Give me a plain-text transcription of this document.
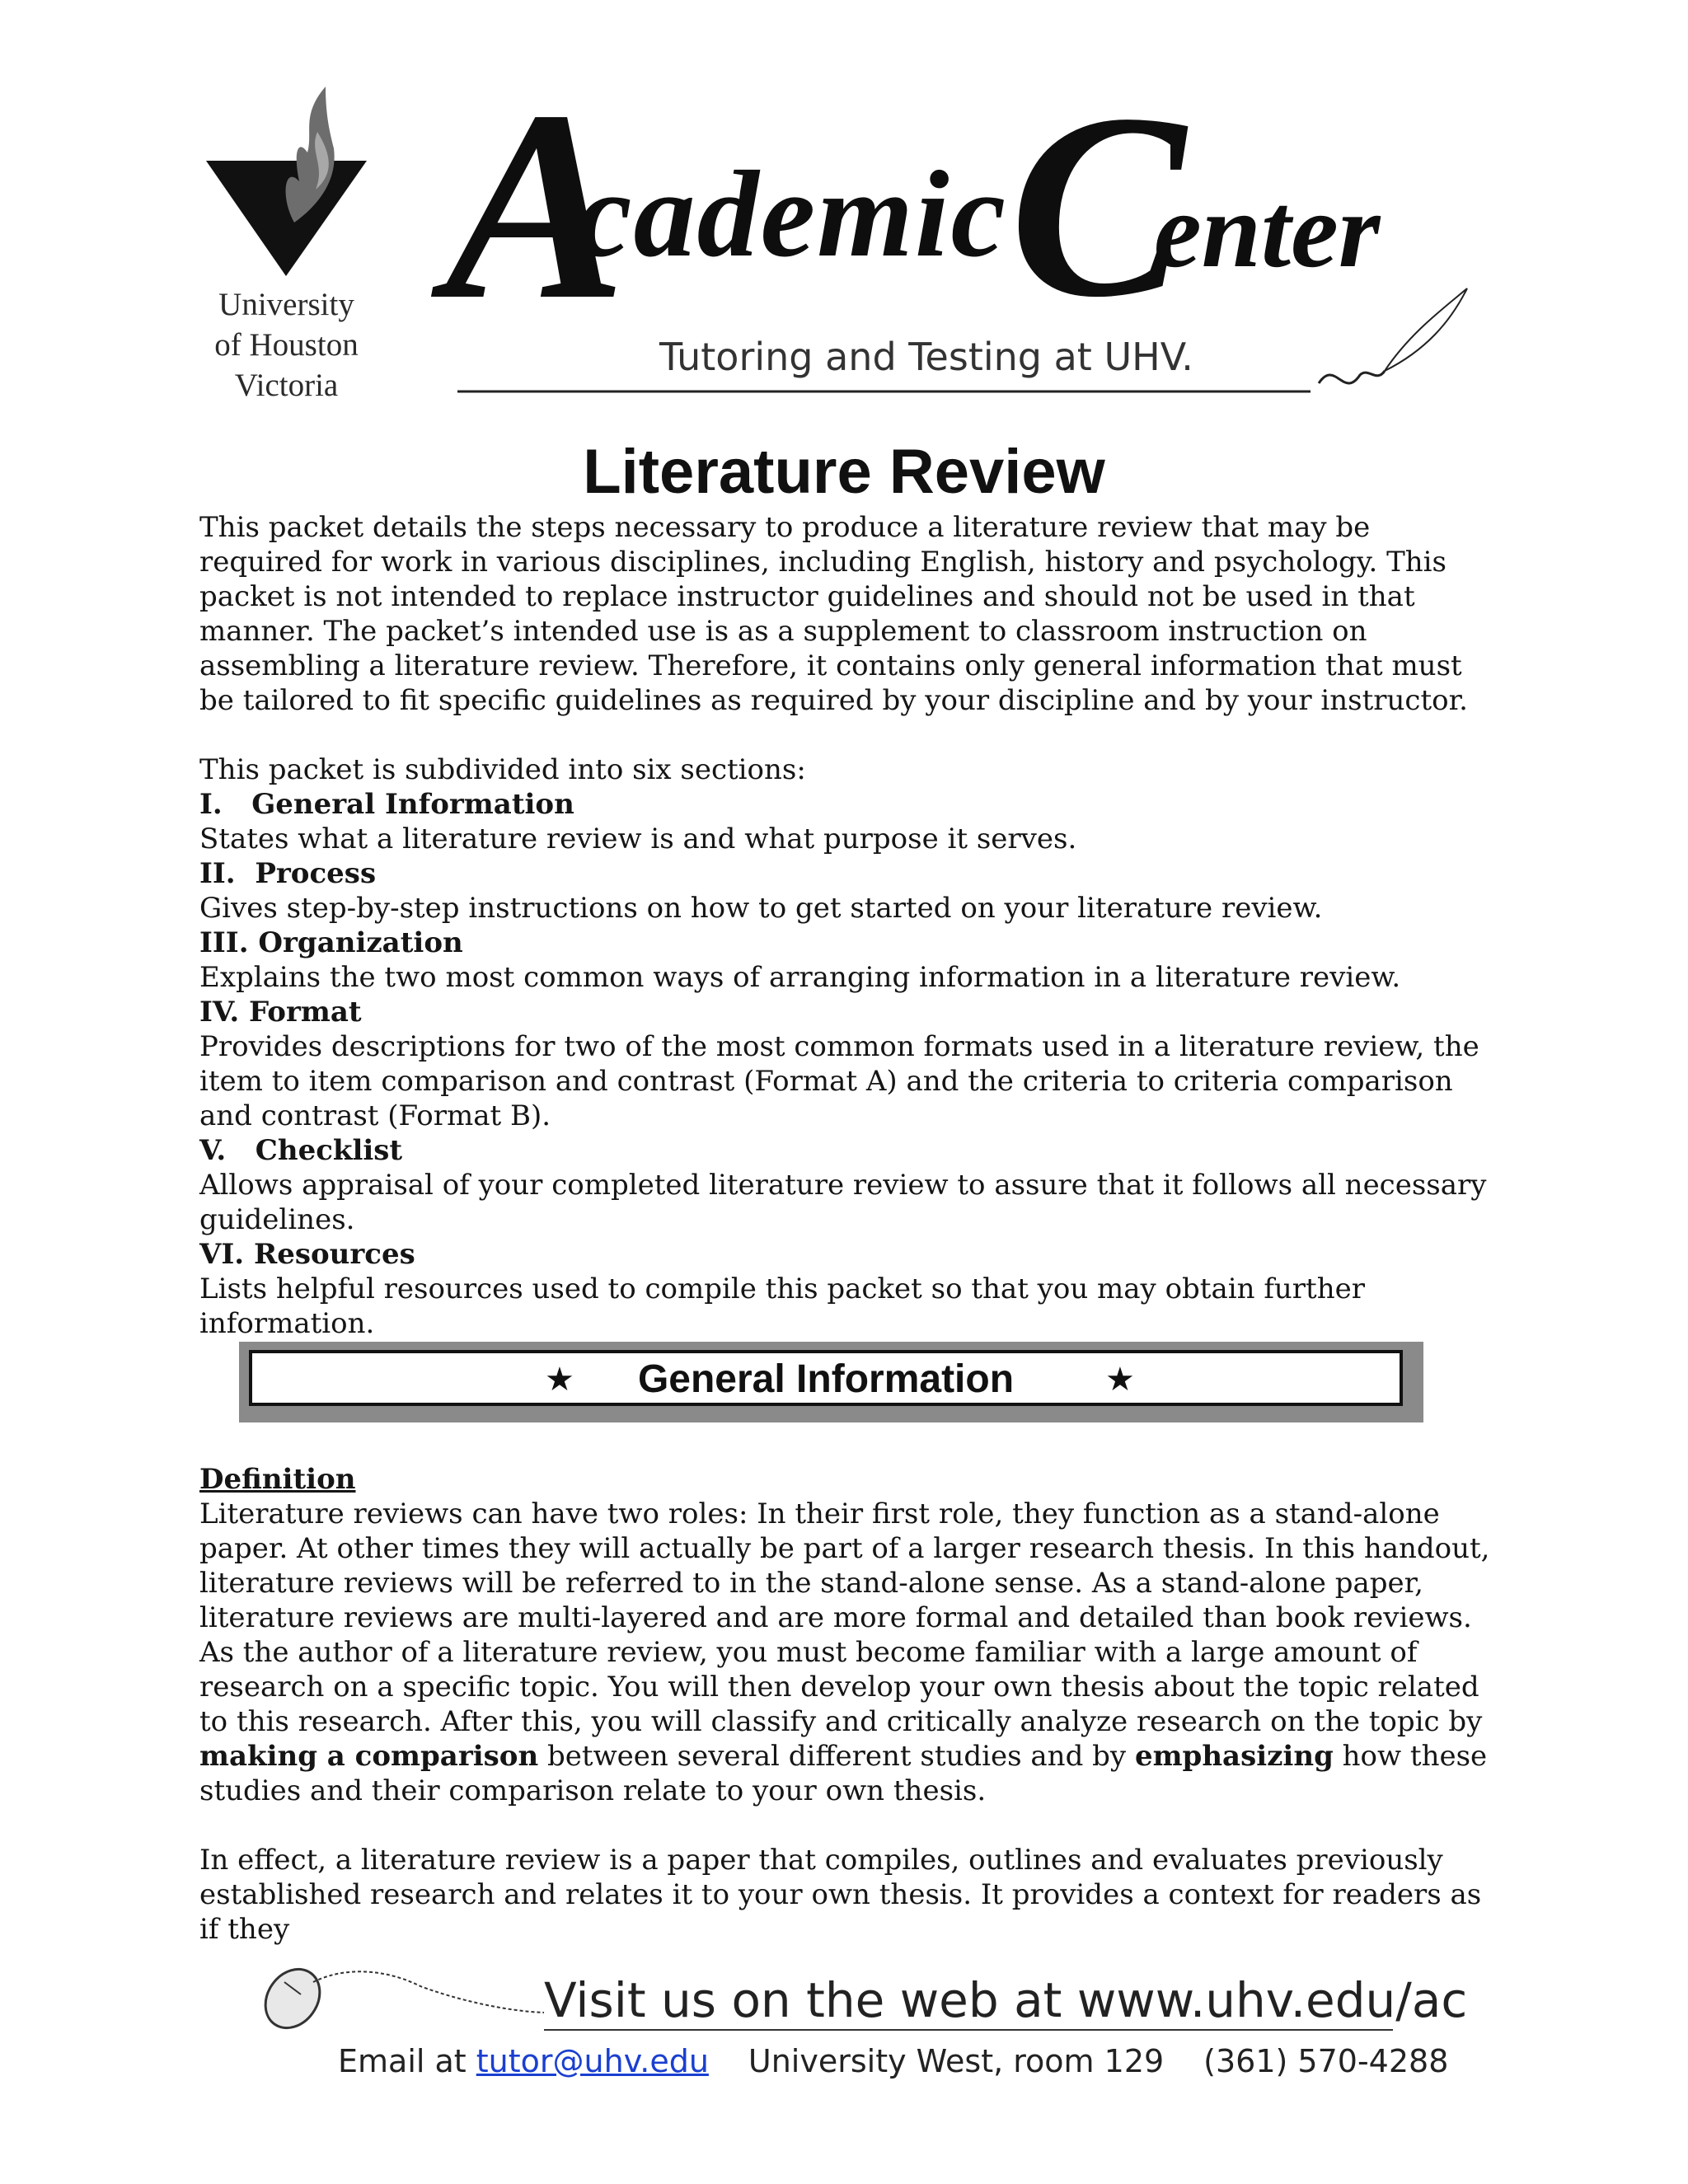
University
of Houston
Victoria
A
cademic C
enter
Tutoring and Testing at UHV.
Literature Review

This packet details the steps necessary to produce a literature review that may be required for work in various disciplines, including English, history and psychology. This packet is not intended to replace instructor guidelines and should not be used in that manner. The packet’s intended use is as a supplement to classroom instruction on assembling a literature review. Therefore, it contains only general information that must be tailored to fit specific guidelines as required by your discipline and by your instructor.

This packet is subdivided into six sections:

I.   General Information

States what a literature review is and what purpose it serves.

II.  Process

Gives step-by-step instructions on how to get started on your literature review.

III. Organization

Explains the two most common ways of arranging information in a literature review.

IV. Format

Provides descriptions for two of the most common formats used in a literature review, the item to item comparison and contrast (Format A) and the criteria to criteria comparison and contrast (Format B).

V.   Checklist

Allows appraisal of your completed literature review to assure that it follows all necessary guidelines.

VI. Resources

Lists helpful resources used to compile this packet so that you may obtain further information.

★	General Information	★

Definition

Literature reviews can have two roles: In their first role, they function as a stand-alone paper. At other times they will actually be part of a larger research thesis. In this handout, literature reviews will be referred to in the stand-alone sense. As a stand-alone paper, literature reviews are multi-layered and are more formal and detailed than book reviews. As the author of a literature review, you must become familiar with a large amount of research on a specific topic. You will then develop your own thesis about the topic related to this research. After this, you will classify and critically analyze research on the topic by making a comparison between several different studies and by emphasizing how these studies and their comparison relate to your own thesis.

In effect, a literature review is a paper that compiles, outlines and evaluates previously established research and relates it to your own thesis. It provides a context for readers as if they

Visit us on the web at www.uhv.edu/ac
Email at tutor@uhv.edu University West, room 129 (361) 570-4288
